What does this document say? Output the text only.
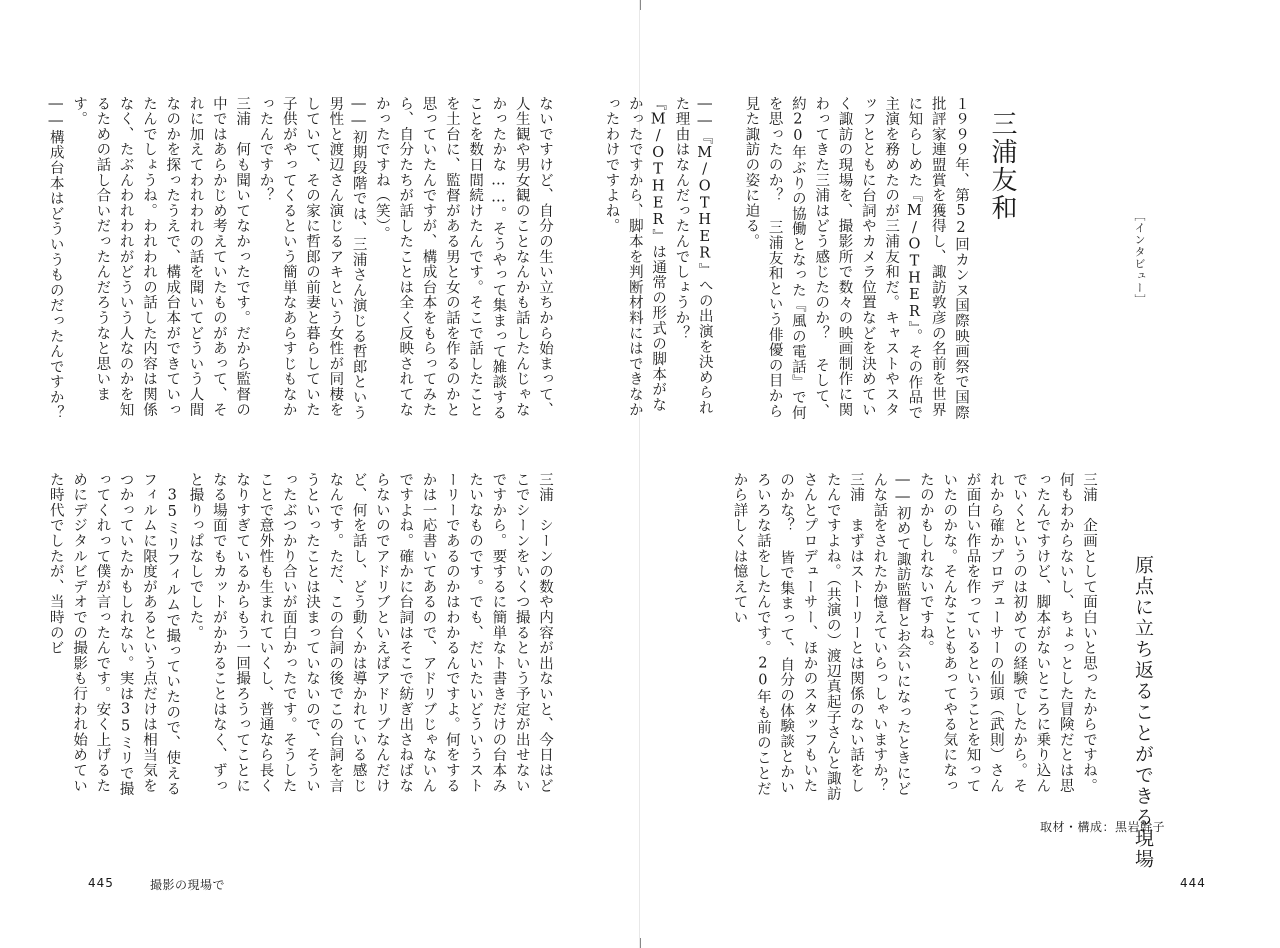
三浦友和
［インタビュー］
１９９９年、第52回カンヌ国際映画祭で国際批評家連盟賞を獲得し、諏訪敦彦の名前を世界に知らしめた『M/OTHER』。その作品で主演を務めたのが三浦友和だ。キャストやスタッフとともに台詞やカメラ位置などを決めていく諏訪の現場を、撮影所で数々の映画制作に関わってきた三浦はどう感じたのか？ そして、約20年ぶりの協働となった『風の電話』で何を思ったのか？ 三浦友和という俳優の目から見た諏訪の姿に迫る。

――『M/OTHER』への出演を決められた理由はなんだったんでしょうか？『M/OTHER』は通常の形式の脚本がなかったですから、脚本を判断材料にはできなかったわけですよね。
原点に立ち返ることができる現場
三浦　企画として面白いと思ったからですね。何もわからないし、ちょっとした冒険だとは思ったんですけど、脚本がないところに乗り込んでいくというのは初めての経験でしたから。それから確かプロデューサーの仙頭（武則）さんが面白い作品を作っているということを知っていたのかな。そんなこともあってやる気になったのかもしれないですね。
――初めて諏訪監督とお会いになったときにどんな話をされたか憶えていらっしゃいますか？
三浦　まずはストーリーとは関係のない話をしたんですよね。（共演の）渡辺真起子さんと諏訪さんとプロデューサー、ほかのスタッフもいたのかな？ 皆で集まって、自分の体験談とかいろいろな話をしたんです。20年も前のことだから詳しくは憶えてい
取材・構成：黒岩幹子
444
ないですけど、自分の生い立ちから始まって、人生観や男女観のことなんかも話したんじゃなかったかな……。そうやって集まって雑談することを数日間続けたんです。そこで話したことを土台に、監督がある男と女の話を作るのかと思っていたんですが、構成台本をもらってみたら、自分たちが話したことは全く反映されてなかったですね（笑）。
――初期段階では、三浦さん演じる哲郎という男性と渡辺さん演じるアキという女性が同棲をしていて、その家に哲郎の前妻と暮らしていた子供がやってくるという簡単なあらすじもなかったんですか？
三浦　何も聞いてなかったです。だから監督の中ではあらかじめ考えていたものがあって、それに加えてわれわれの話を聞いてどういう人間なのかを探ったうえで、構成台本ができていったんでしょうね。われわれの話した内容は関係なく、たぶんわれわれがどういう人なのかを知るための話し合いだったんだろうなと思います。
――構成台本はどういうものだったんですか？
三浦　シーンの数や内容が出ないと、今日はどこでシーンをいくつ撮るという予定が出せないですから。要するに簡単なト書きだけの台本みたいなものです。でも、だいたいどういうストーリーであるのかはわかるんですよ。何をするかは一応書いてあるので、アドリブじゃないんですよね。確かに台詞はそこで紡ぎ出さねばならないのでアドリブといえばアドリブなんだけど、何を話し、どう動くかは導かれている感じなんです。ただ、この台詞の後でこの台詞を言うといったことは決まっていないので、そういったぶつかり合いが面白かったです。そうしたことで意外性も生まれていくし、普通なら長くなりすぎているからもう一回撮ろうってことになる場面でもカットがかかることはなく、ずっと撮りっぱなしでした。
　35ミリフィルムで撮っていたので、使えるフィルムに限度があるという点だけは相当気をつかっていたかもしれない。実は35ミリで撮ってくれって僕が言ったんです。安く上げるためにデジタルビデオでの撮影も行われ始めていた時代でしたが、当時のビ
445	撮影の現場で
